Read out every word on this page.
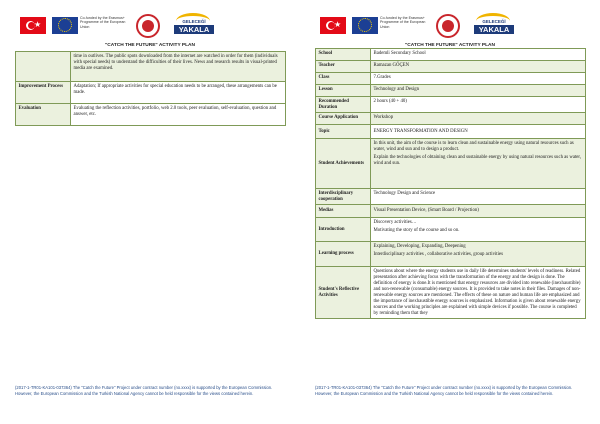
★
Co-funded by the Erasmus+ Programme of the European Union
GELECEĞİ
YAKALA
"CATCH THE FUTURE" ACTIVITY PLAN
	time in outlives. The public spots downloaded from the internet are watched in order for them (individuals with special needs) to understand the difficulties of their lives. News and research results in visual-printed media are examined.
Improvement Process	Adaptation; If appropriate activities for special education needs to be arranged, these arrangements can be made.
Evaluation	Evaluating the reflection activities, portfolio, web 2.0 tools, peer evaluation, self-evaluation, question and answer, etc.
(2017-1-TR01-KA101-037364) The "Catch the Future" Project under contract number (no.xxxx) is supported by the European Commission. However, the European Commission and the Turkish National Agency cannot be held responsible for the views contained herein.
★
Co-funded by the Erasmus+ Programme of the European Union
GELECEĞİ
YAKALA
"CATCH THE FUTURE" ACTIVITY PLAN
School	Bademli Secondary School
Teacher	Ramazan GÖÇEN
Class	7.Grades
Lesson	Technology and Design
Recommended Duration	2 hours (40 + 40)
Course Application	Workshop
Topic	ENERGY TRANSFORMATION AND DESIGN
Student Achievements	In this unit, the aim of the course is to learn clean and sustainable energy using natural resources such as water, wind and sun and to design a product.

Explain the technologies of obtaining clean and sustainable energy by using natural resources such as water, wind and sun.

Interdisciplinary cooperation	Technology Design and Science
Medias	Visual Presentation Device, (Smart Board / Projection)
Introduction	Discovery activities…

Motivating the story of the course and so on.

Learning process	Explaining, Developing, Expanding, Deepening

Interdisciplinary activities , collaborative activities, group activities

Student's Reflective Activities	Questions about where the energy students use in daily life determines students' levels of readiness. Related presentation after achieving focus with the transformation of the energy and the design is done. The definition of energy is done.It is mentioned that energy resources are divided into renewable (inexhaustible) and non-renewable (consumable) energy sources. It is provided to take notes in their files. Damages of non-renewable energy sources are mentioned. The effects of these on nature and human life are emphasized and the importance of inexhaustible energy sources is emphasized. Information is given about renewable energy sources and the working principles are explained with simple devices if possible. The course is completed by reminding them that they
(2017-1-TR01-KA101-037364) The "Catch the Future" Project under contract number (no.xxxx) is supported by the European Commission. However, the European Commission and the Turkish National Agency cannot be held responsible for the views contained herein.
